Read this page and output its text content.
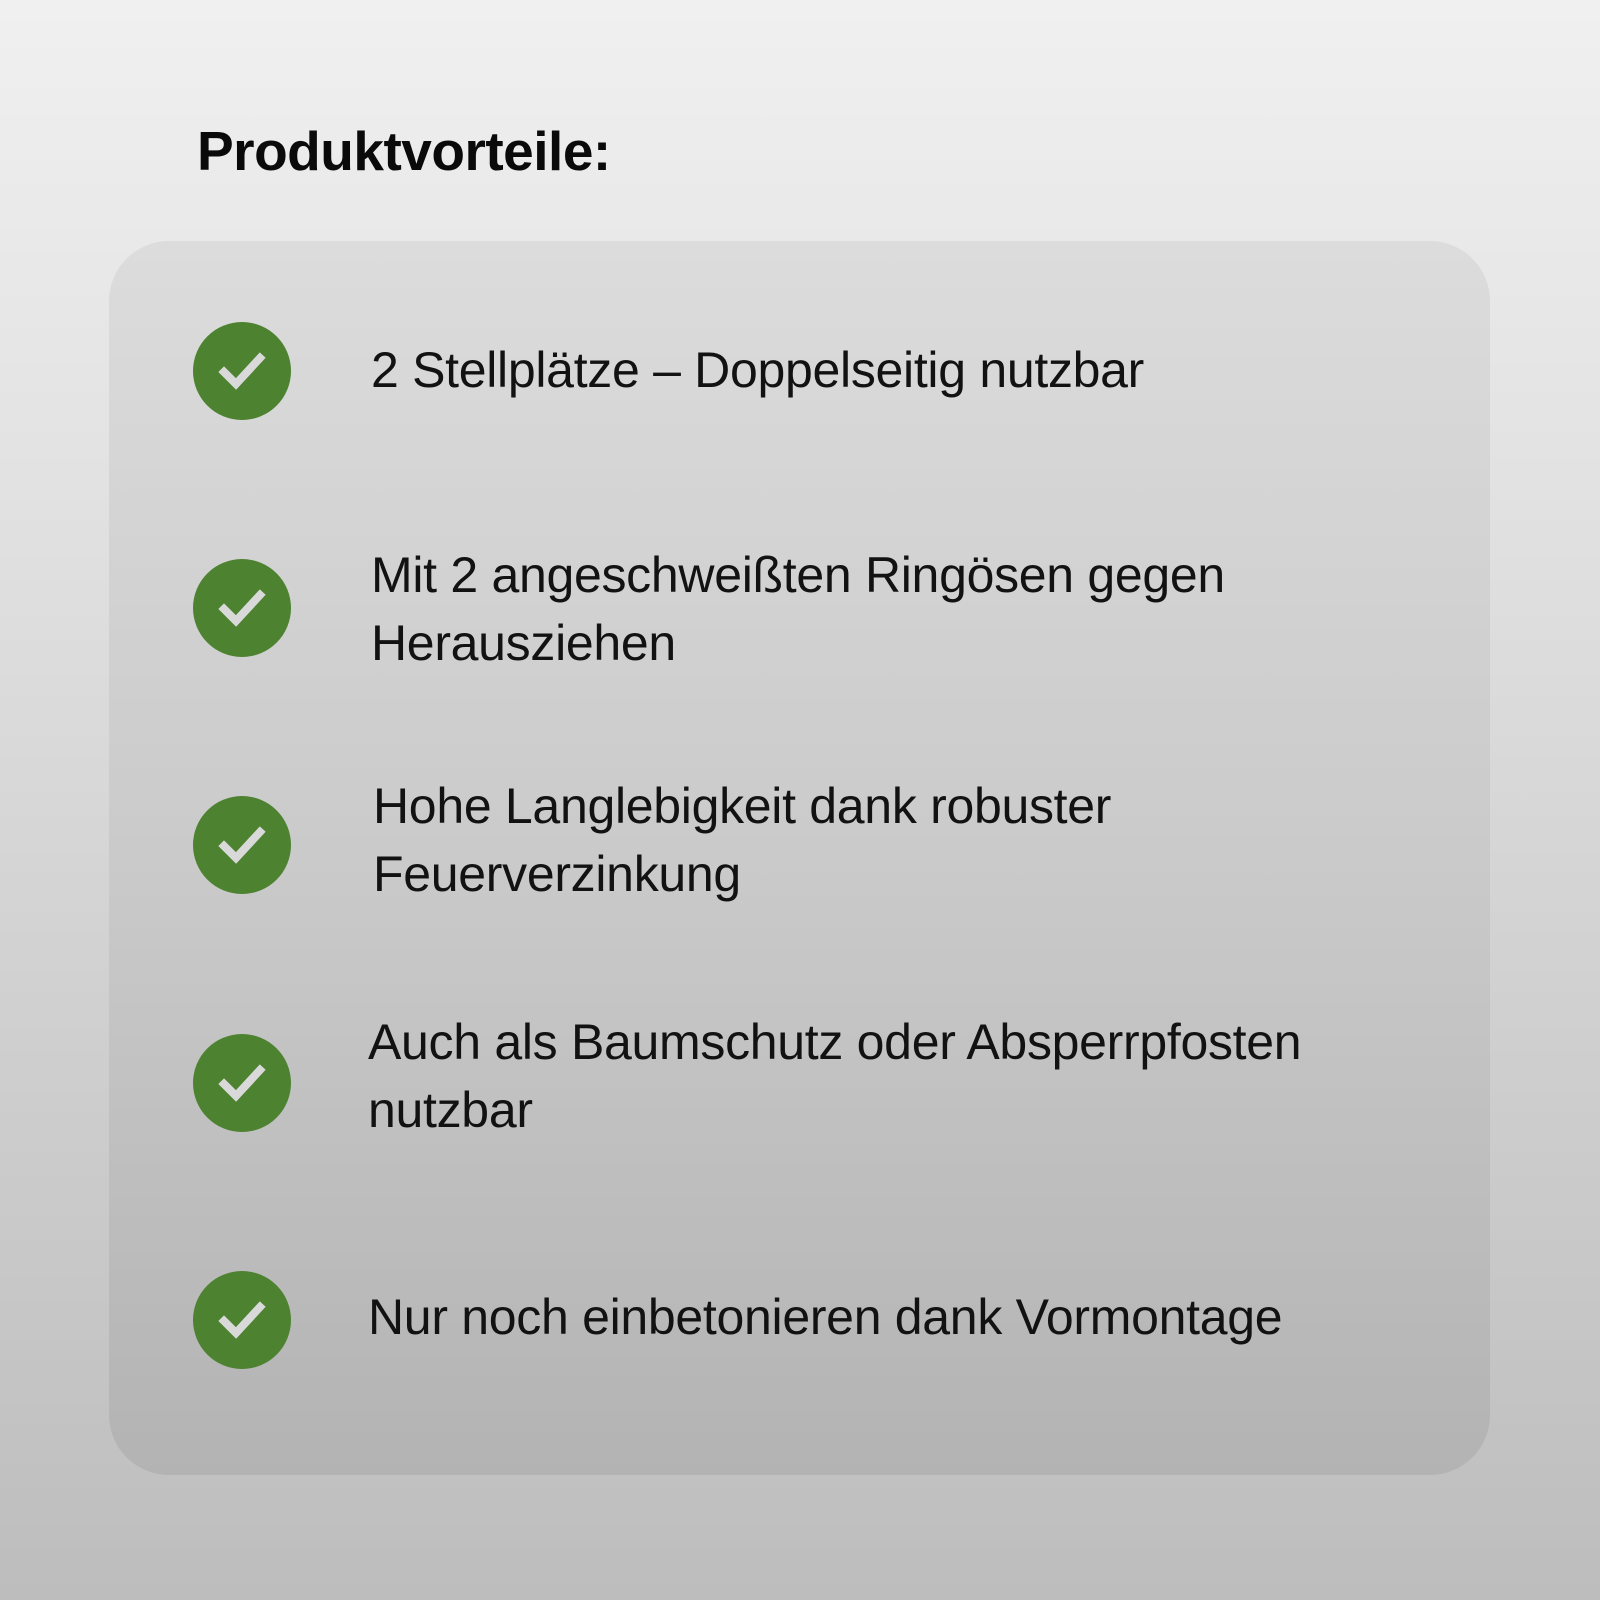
Produktvorteile:

2 Stellplätze – Doppelseitig nutzbar

Mit 2 angeschweißten Ringösen gegen
Herausziehen

Hohe Langlebigkeit dank robuster
Feuerverzinkung

Auch als Baumschutz oder Absperrpfosten
nutzbar

Nur noch einbetonieren dank Vormontage
